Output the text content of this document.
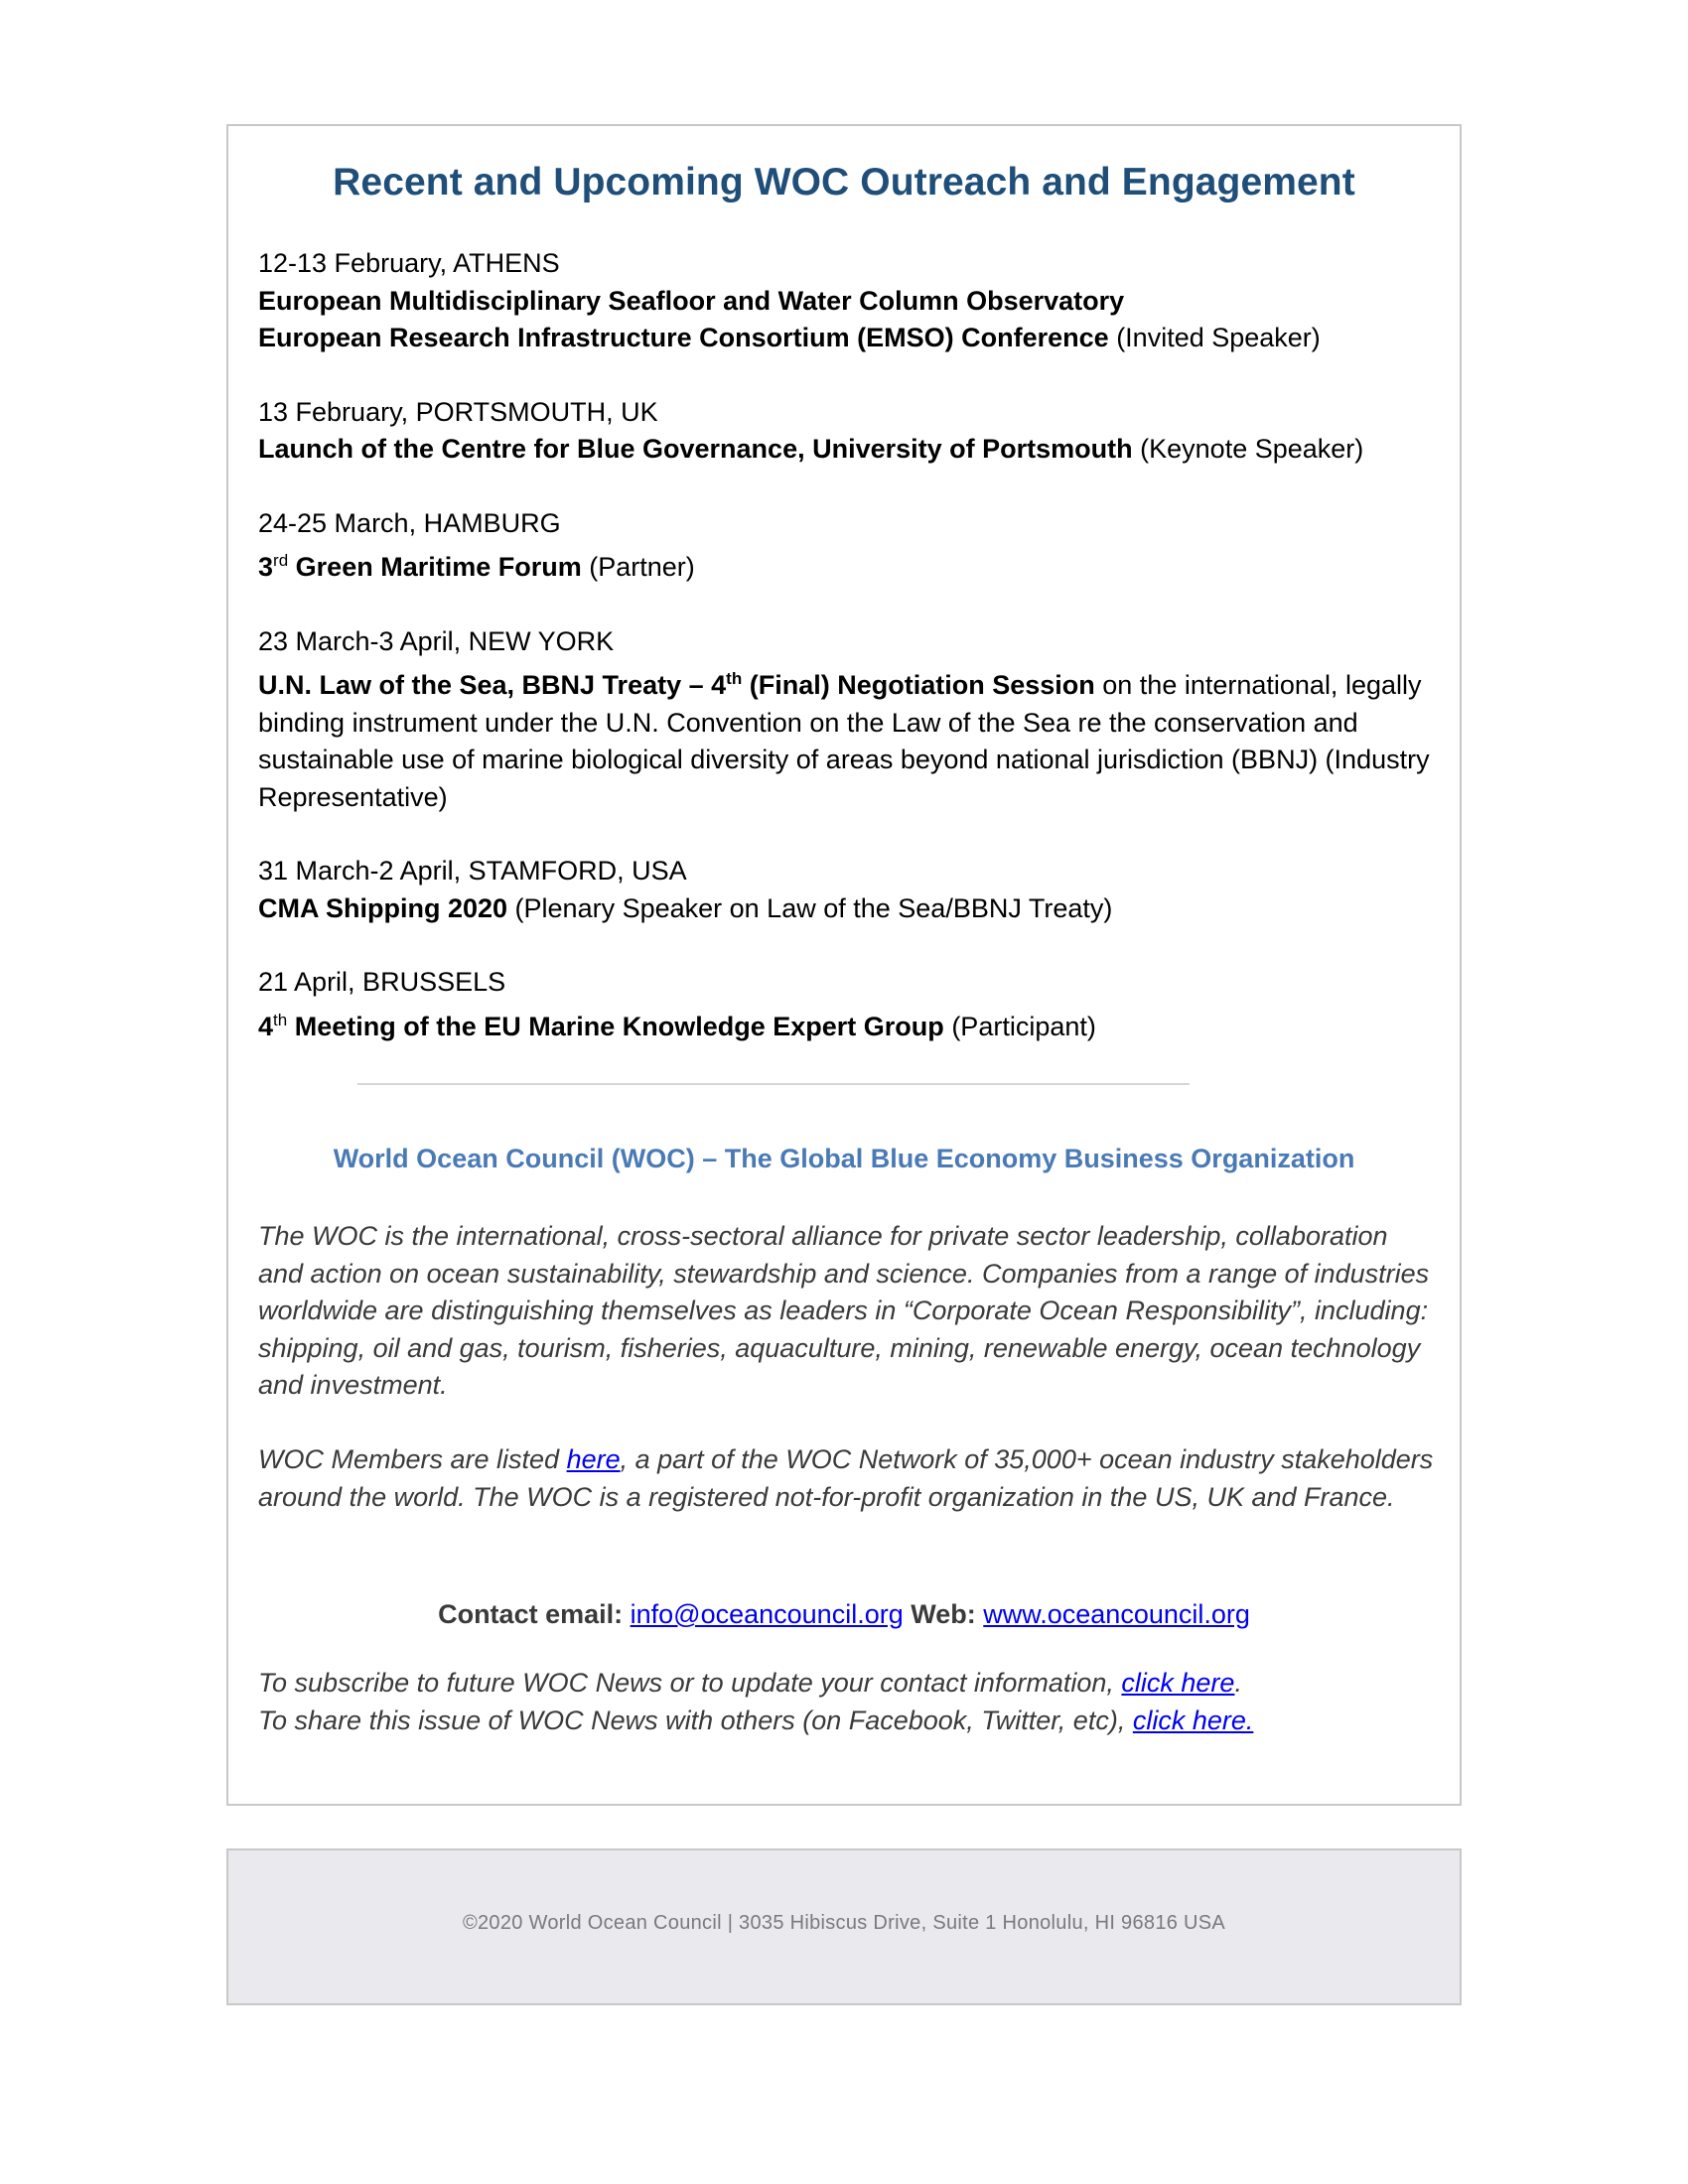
Recent and Upcoming WOC Outreach and Engagement
12-13 February, ATHENS
European Multidisciplinary Seafloor and Water Column Observatory
European Research Infrastructure Consortium (EMSO) Conference (Invited Speaker)
13 February, PORTSMOUTH, UK
Launch of the Centre for Blue Governance, University of Portsmouth (Keynote Speaker)
24-25 March, HAMBURG
3rd Green Maritime Forum (Partner)
23 March-3 April, NEW YORK
U.N. Law of the Sea, BBNJ Treaty – 4th (Final) Negotiation Session on the international, legally binding instrument under the U.N. Convention on the Law of the Sea re the conservation and sustainable use of marine biological diversity of areas beyond national jurisdiction (BBNJ) (Industry Representative)
31 March-2 April, STAMFORD, USA
CMA Shipping 2020 (Plenary Speaker on Law of the Sea/BBNJ Treaty)
21 April, BRUSSELS
4th Meeting of the EU Marine Knowledge Expert Group (Participant)
World Ocean Council (WOC) – The Global Blue Economy Business Organization
The WOC is the international, cross-sectoral alliance for private sector leadership, collaboration and action on ocean sustainability, stewardship and science. Companies from a range of industries worldwide are distinguishing themselves as leaders in “Corporate Ocean Responsibility”, including: shipping, oil and gas, tourism, fisheries, aquaculture, mining, renewable energy, ocean technology and investment.
WOC Members are listed here, a part of the WOC Network of 35,000+ ocean industry stakeholders around the world. The WOC is a registered not-for-profit organization in the US, UK and France.
Contact email: info@oceancouncil.org Web: www.oceancouncil.org
To subscribe to future WOC News or to update your contact information, click here.
To share this issue of WOC News with others (on Facebook, Twitter, etc), click here.
©2020 World Ocean Council | 3035 Hibiscus Drive, Suite 1 Honolulu, HI 96816 USA
